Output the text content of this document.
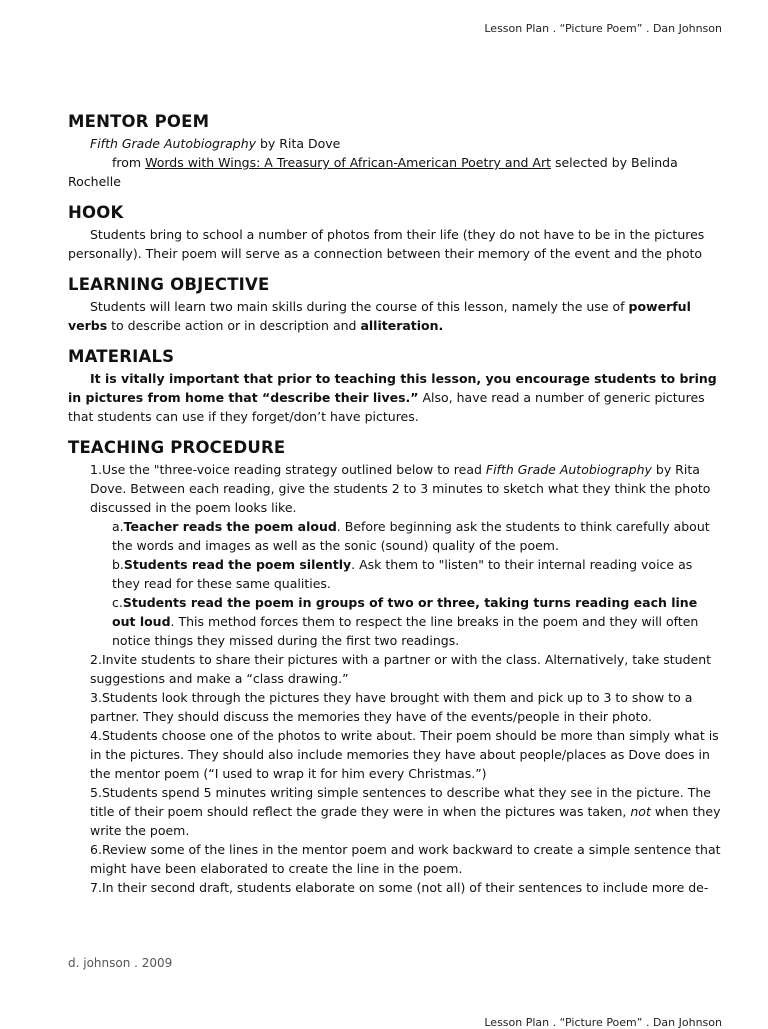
Lesson Plan . “Picture Poem” . Dan Johnson
MENTOR POEM

Fifth Grade Autobiography by Rita Dove

from Words with Wings: A Treasury of African-American Poetry and Art selected by Belinda Rochelle

HOOK

Students bring to school a number of photos from their life (they do not have to be in the pictures personally). Their poem will serve as a connection between their memory of the event and the photo

LEARNING OBJECTIVE

Students will learn two main skills during the course of this lesson, namely the use of powerful verbs to describe action or in description and alliteration.

MATERIALS

It is vitally important that prior to teaching this lesson, you encourage students to bring in pictures from home that “describe their lives.” Also, have read a number of generic pictures that students can use if they forget/don’t have pictures.

TEACHING PROCEDURE
1.Use the "three-voice reading strategy outlined below to read Fifth Grade Autobiography by Rita Dove. Between each reading, give the students 2 to 3 minutes to sketch what they think the photo discussed in the poem looks like.
a.Teacher reads the poem aloud. Before beginning ask the students to think carefully about the words and images as well as the sonic (sound) quality of the poem.
b.Students read the poem silently. Ask them to "listen" to their internal reading voice as they read for these same qualities.
c.Students read the poem in groups of two or three, taking turns reading each line out loud. This method forces them to respect the line breaks in the poem and they will often notice things they missed during the first two readings.
2.Invite students to share their pictures with a partner or with the class. Alternatively, take student suggestions and make a “class drawing.”
3.Students look through the pictures they have brought with them and pick up to 3 to show to a partner. They should discuss the memories they have of the events/people in their photo.
4.Students choose one of the photos to write about. Their poem should be more than simply what is in the pictures. They should also include memories they have about people/places as Dove does in the mentor poem (“I used to wrap it for him every Christmas.”)
5.Students spend 5 minutes writing simple sentences to describe what they see in the picture. The title of their poem should reflect the grade they were in when the pictures was taken, not when they write the poem.
6.Review some of the lines in the mentor poem and work backward to create a simple sentence that might have been elaborated to create the line in the poem.
7.In their second draft, students elaborate on some (not all) of their sentences to include more de-
d. johnson . 2009
Lesson Plan . “Picture Poem” . Dan Johnson
